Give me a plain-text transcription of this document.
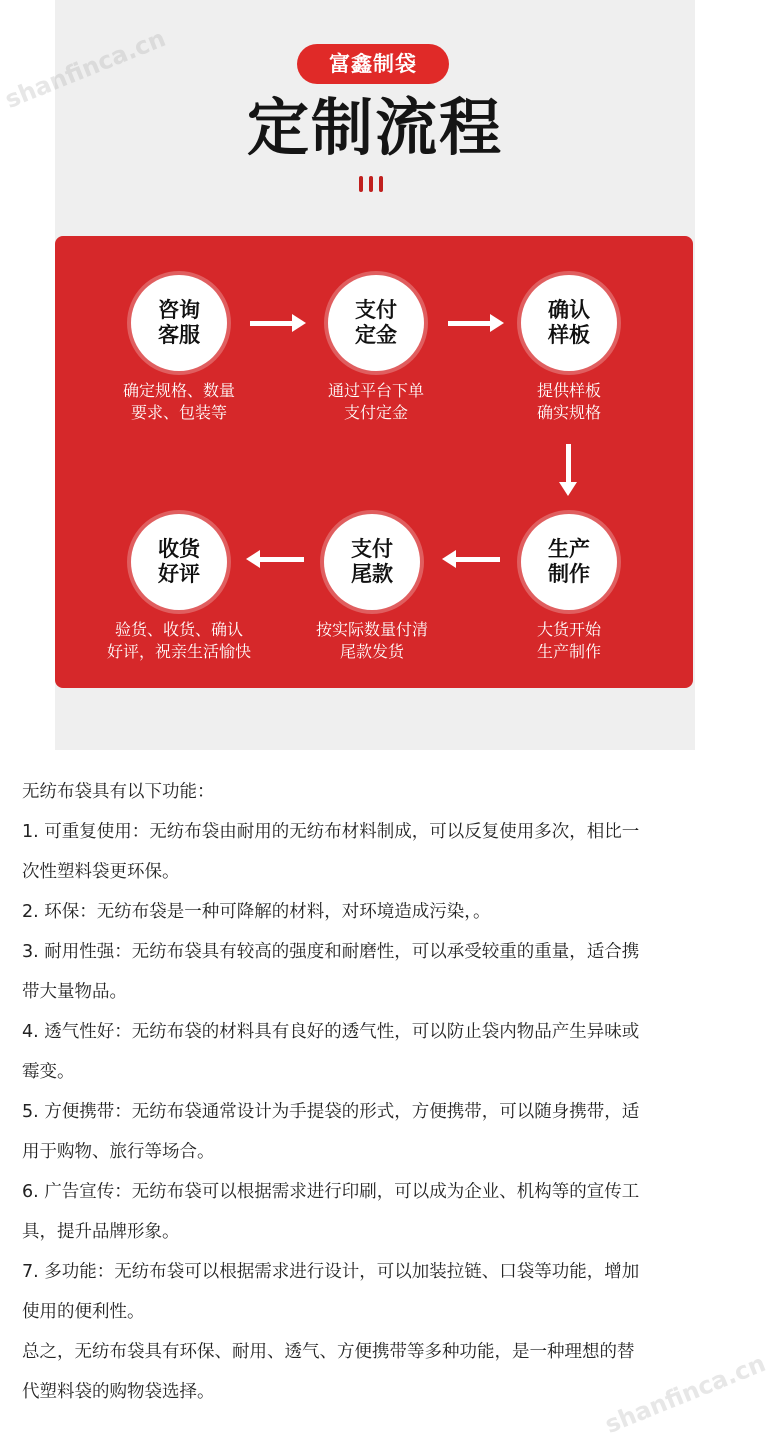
富鑫制袋
定制流程
咨询
客服
确定规格、数量
要求、包装等
支付
定金
通过平台下单
支付定金
确认
样板
提供样板
确实规格
生产
制作
大货开始
生产制作
支付
尾款
按实际数量付清
尾款发货
收货
好评
验货、收货、确认
好评，祝亲生活愉快

无纺布袋具有以下功能：

1. 可重复使用：无纺布袋由耐用的无纺布材料制成，可以反复使用多次，相比一

次性塑料袋更环保。

2. 环保：无纺布袋是一种可降解的材料，对环境造成污染，。

3. 耐用性强：无纺布袋具有较高的强度和耐磨性，可以承受较重的重量，适合携

带大量物品。

4. 透气性好：无纺布袋的材料具有良好的透气性，可以防止袋内物品产生异味或

霉变。

5. 方便携带：无纺布袋通常设计为手提袋的形式，方便携带，可以随身携带，适

用于购物、旅行等场合。

6. 广告宣传：无纺布袋可以根据需求进行印刷，可以成为企业、机构等的宣传工

具，提升品牌形象。

7. 多功能：无纺布袋可以根据需求进行设计，可以加装拉链、口袋等功能，增加

使用的便利性。

总之，无纺布袋具有环保、耐用、透气、方便携带等多种功能，是一种理想的替

代塑料袋的购物袋选择。

shanfinca.cn
shanfinca.cn
